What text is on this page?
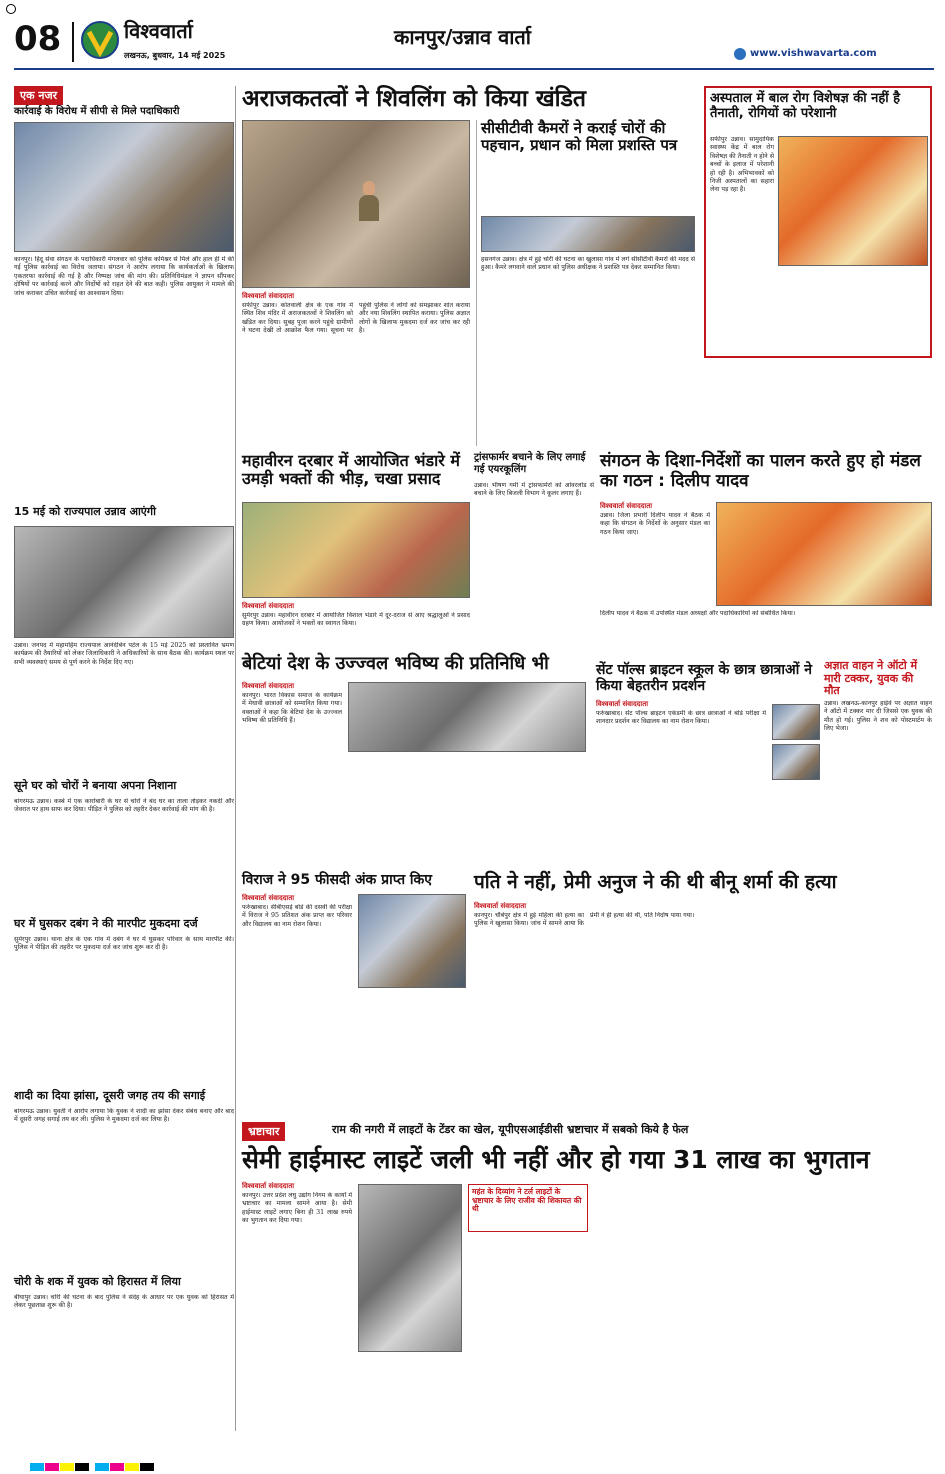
08	विश्ववार्ता
लखनऊ, बुधवार, 14 मई 2025
कानपुर/उन्नाव वार्ता
www.vishwavarta.com
एक नजर
कार्रवाई के विरोध में सीपी से मिले पदाधिकारी
कानपुर। हिंदू सेवा संगठन के पदाधिकारी मंगलवार को पुलिस कमिश्नर से मिले और हाल ही में की गई पुलिस कार्रवाई का विरोध जताया। संगठन ने आरोप लगाया कि कार्यकर्ताओं के खिलाफ एकतरफा कार्रवाई की गई है और निष्पक्ष जांच की मांग की। प्रतिनिधिमंडल ने ज्ञापन सौंपकर दोषियों पर कार्रवाई करने और निर्दोषों को राहत देने की बात कही। पुलिस आयुक्त ने मामले की जांच कराकर उचित कार्रवाई का आश्वासन दिया।
15 मई को राज्यपाल उन्नाव आएंगी
उन्नाव। जनपद में महामहिम राज्यपाल आनंदीबेन पटेल के 15 मई 2025 को प्रस्तावित भ्रमण कार्यक्रम की तैयारियों को लेकर जिलाधिकारी ने अधिकारियों के साथ बैठक की। कार्यक्रम स्थल पर सभी व्यवस्थाएं समय से पूर्ण करने के निर्देश दिए गए।
सूने घर को चोरों ने बनाया अपना निशाना
बांगरमऊ उन्नाव। कस्बे में एक कारोबारी के घर से चोरों ने बंद घर का ताला तोड़कर नकदी और जेवरात पर हाथ साफ कर दिया। पीड़ित ने पुलिस को तहरीर देकर कार्रवाई की मांग की है।
घर में घुसकर दबंग ने की मारपीट मुकदमा दर्ज
सुमेरपुर उन्नाव। थाना क्षेत्र के एक गांव में दबंग ने घर में घुसकर परिवार के साथ मारपीट की। पुलिस ने पीड़ित की तहरीर पर मुकदमा दर्ज कर जांच शुरू कर दी है।
शादी का दिया झांसा, दूसरी जगह तय की सगाई
बांगरमऊ उन्नाव। युवती ने आरोप लगाया कि युवक ने शादी का झांसा देकर संबंध बनाए और बाद में दूसरी जगह सगाई तय कर ली। पुलिस ने मुकदमा दर्ज कर लिया है।
चोरी के शक में युवक को हिरासत में लिया
बीघापुर उन्नाव। चोरी की घटना के बाद पुलिस ने संदेह के आधार पर एक युवक को हिरासत में लेकर पूछताछ शुरू की है।
अराजकतत्वों ने शिवलिंग को किया खंडित
सीसीटीवी कैमरों ने कराई चोरों की पहचान, प्रधान को मिला प्रशस्ति पत्र
हसनगंज उन्नाव। क्षेत्र में हुई चोरी की घटना का खुलासा गांव में लगे सीसीटीवी कैमरों की मदद से हुआ। कैमरे लगवाने वाले प्रधान को पुलिस अधीक्षक ने प्रशस्ति पत्र देकर सम्मानित किया।
विश्ववार्ता संवाददाता
सफीपुर उन्नाव। कोतवाली क्षेत्र के एक गांव में स्थित शिव मंदिर में अराजकतत्वों ने शिवलिंग को खंडित कर दिया। सुबह पूजा करने पहुंचे ग्रामीणों ने घटना देखी तो आक्रोश फैल गया। सूचना पर पहुंची पुलिस ने लोगों को समझाकर शांत कराया और नया शिवलिंग स्थापित कराया। पुलिस अज्ञात लोगों के खिलाफ मुकदमा दर्ज कर जांच कर रही है।
अस्पताल में बाल रोग विशेषज्ञ की नहीं है तैनाती, रोगियों को परेशानी
सफीपुर उन्नाव। सामुदायिक स्वास्थ्य केंद्र में बाल रोग विशेषज्ञ की तैनाती न होने से बच्चों के इलाज में परेशानी हो रही है। अभिभावकों को निजी अस्पतालों का सहारा लेना पड़ रहा है।
महावीरन दरबार में आयोजित भंडारे में उमड़ी भक्तों की भीड़, चखा प्रसाद
विश्ववार्ता संवाददाता
सुमेरपुर उन्नाव। महावीरन दरबार में आयोजित विशाल भंडारे में दूर-दराज से आए श्रद्धालुओं ने प्रसाद ग्रहण किया। आयोजकों ने भक्तों का स्वागत किया।
ट्रांसफार्मर बचाने के लिए लगाई गई एयरकूलिंग
उन्नाव। भीषण गर्मी में ट्रांसफार्मरों को ओवरलोड से बचाने के लिए बिजली विभाग ने कूलर लगाए हैं।
संगठन के दिशा-निर्देशों का पालन करते हुए हो मंडल का गठन : दिलीप यादव
विश्ववार्ता संवाददाता
उन्नाव। जिला प्रभारी दिलीप यादव ने बैठक में कहा कि संगठन के निर्देशों के अनुसार मंडल का गठन किया जाए।
दिलीप यादव ने बैठक में उपस्थित मंडल अध्यक्षों और पदाधिकारियों को संबोधित किया।
बेटियां देश के उज्ज्वल भविष्य की प्रतिनिधि भी
विश्ववार्ता संवाददाता
कानपुर। भारत विकास समाज के कार्यक्रम में मेधावी छात्राओं को सम्मानित किया गया। वक्ताओं ने कहा कि बेटियां देश के उज्ज्वल भविष्य की प्रतिनिधि हैं।
सेंट पॉल्स ब्राइटन स्कूल के छात्र छात्राओं ने किया बेहतरीन प्रदर्शन
विश्ववार्ता संवाददाता
फर्रुखाबाद। सेंट पॉल्स ब्राइटन एकेडमी के छात्र छात्राओं ने बोर्ड परीक्षा में शानदार प्रदर्शन कर विद्यालय का नाम रोशन किया।
अज्ञात वाहन ने ऑटो में मारी टक्कर, युवक की मौत
उन्नाव। लखनऊ-कानपुर हाईवे पर अज्ञात वाहन ने ऑटो में टक्कर मार दी जिससे एक युवक की मौत हो गई। पुलिस ने शव को पोस्टमार्टम के लिए भेजा।
विराज ने 95 फीसदी अंक प्राप्त किए
विश्ववार्ता संवाददाता
फर्रुखाबाद। सीबीएसई बोर्ड की दसवीं की परीक्षा में विराज ने 95 प्रतिशत अंक प्राप्त कर परिवार और विद्यालय का नाम रोशन किया।
पति ने नहीं, प्रेमी अनुज ने की थी बीनू शर्मा की हत्या
विश्ववार्ता संवाददाता
कानपुर। चौबेपुर क्षेत्र में हुई महिला की हत्या का पुलिस ने खुलासा किया। जांच में सामने आया कि प्रेमी ने ही हत्या की थी, पति निर्दोष पाया गया।
भ्रष्टाचार	राम की नगरी में लाइटों के टेंडर का खेल, यूपीएसआईडीसी भ्रष्टाचार में सबको किये है फेल
सेमी हाईमास्ट लाइटें जली भी नहीं और हो गया 31 लाख का भुगतान
विश्ववार्ता संवाददाता
कानपुर। उत्तर प्रदेश लघु उद्योग निगम के कार्यों में भ्रष्टाचार का मामला सामने आया है। सेमी हाईमास्ट लाइटें लगाए बिना ही 31 लाख रुपये का भुगतान कर दिया गया।
महंत के दिव्यांग ने टर्ल लाइटों के भ्रष्टाचार के लिए राजीव की शिकायत की थी
